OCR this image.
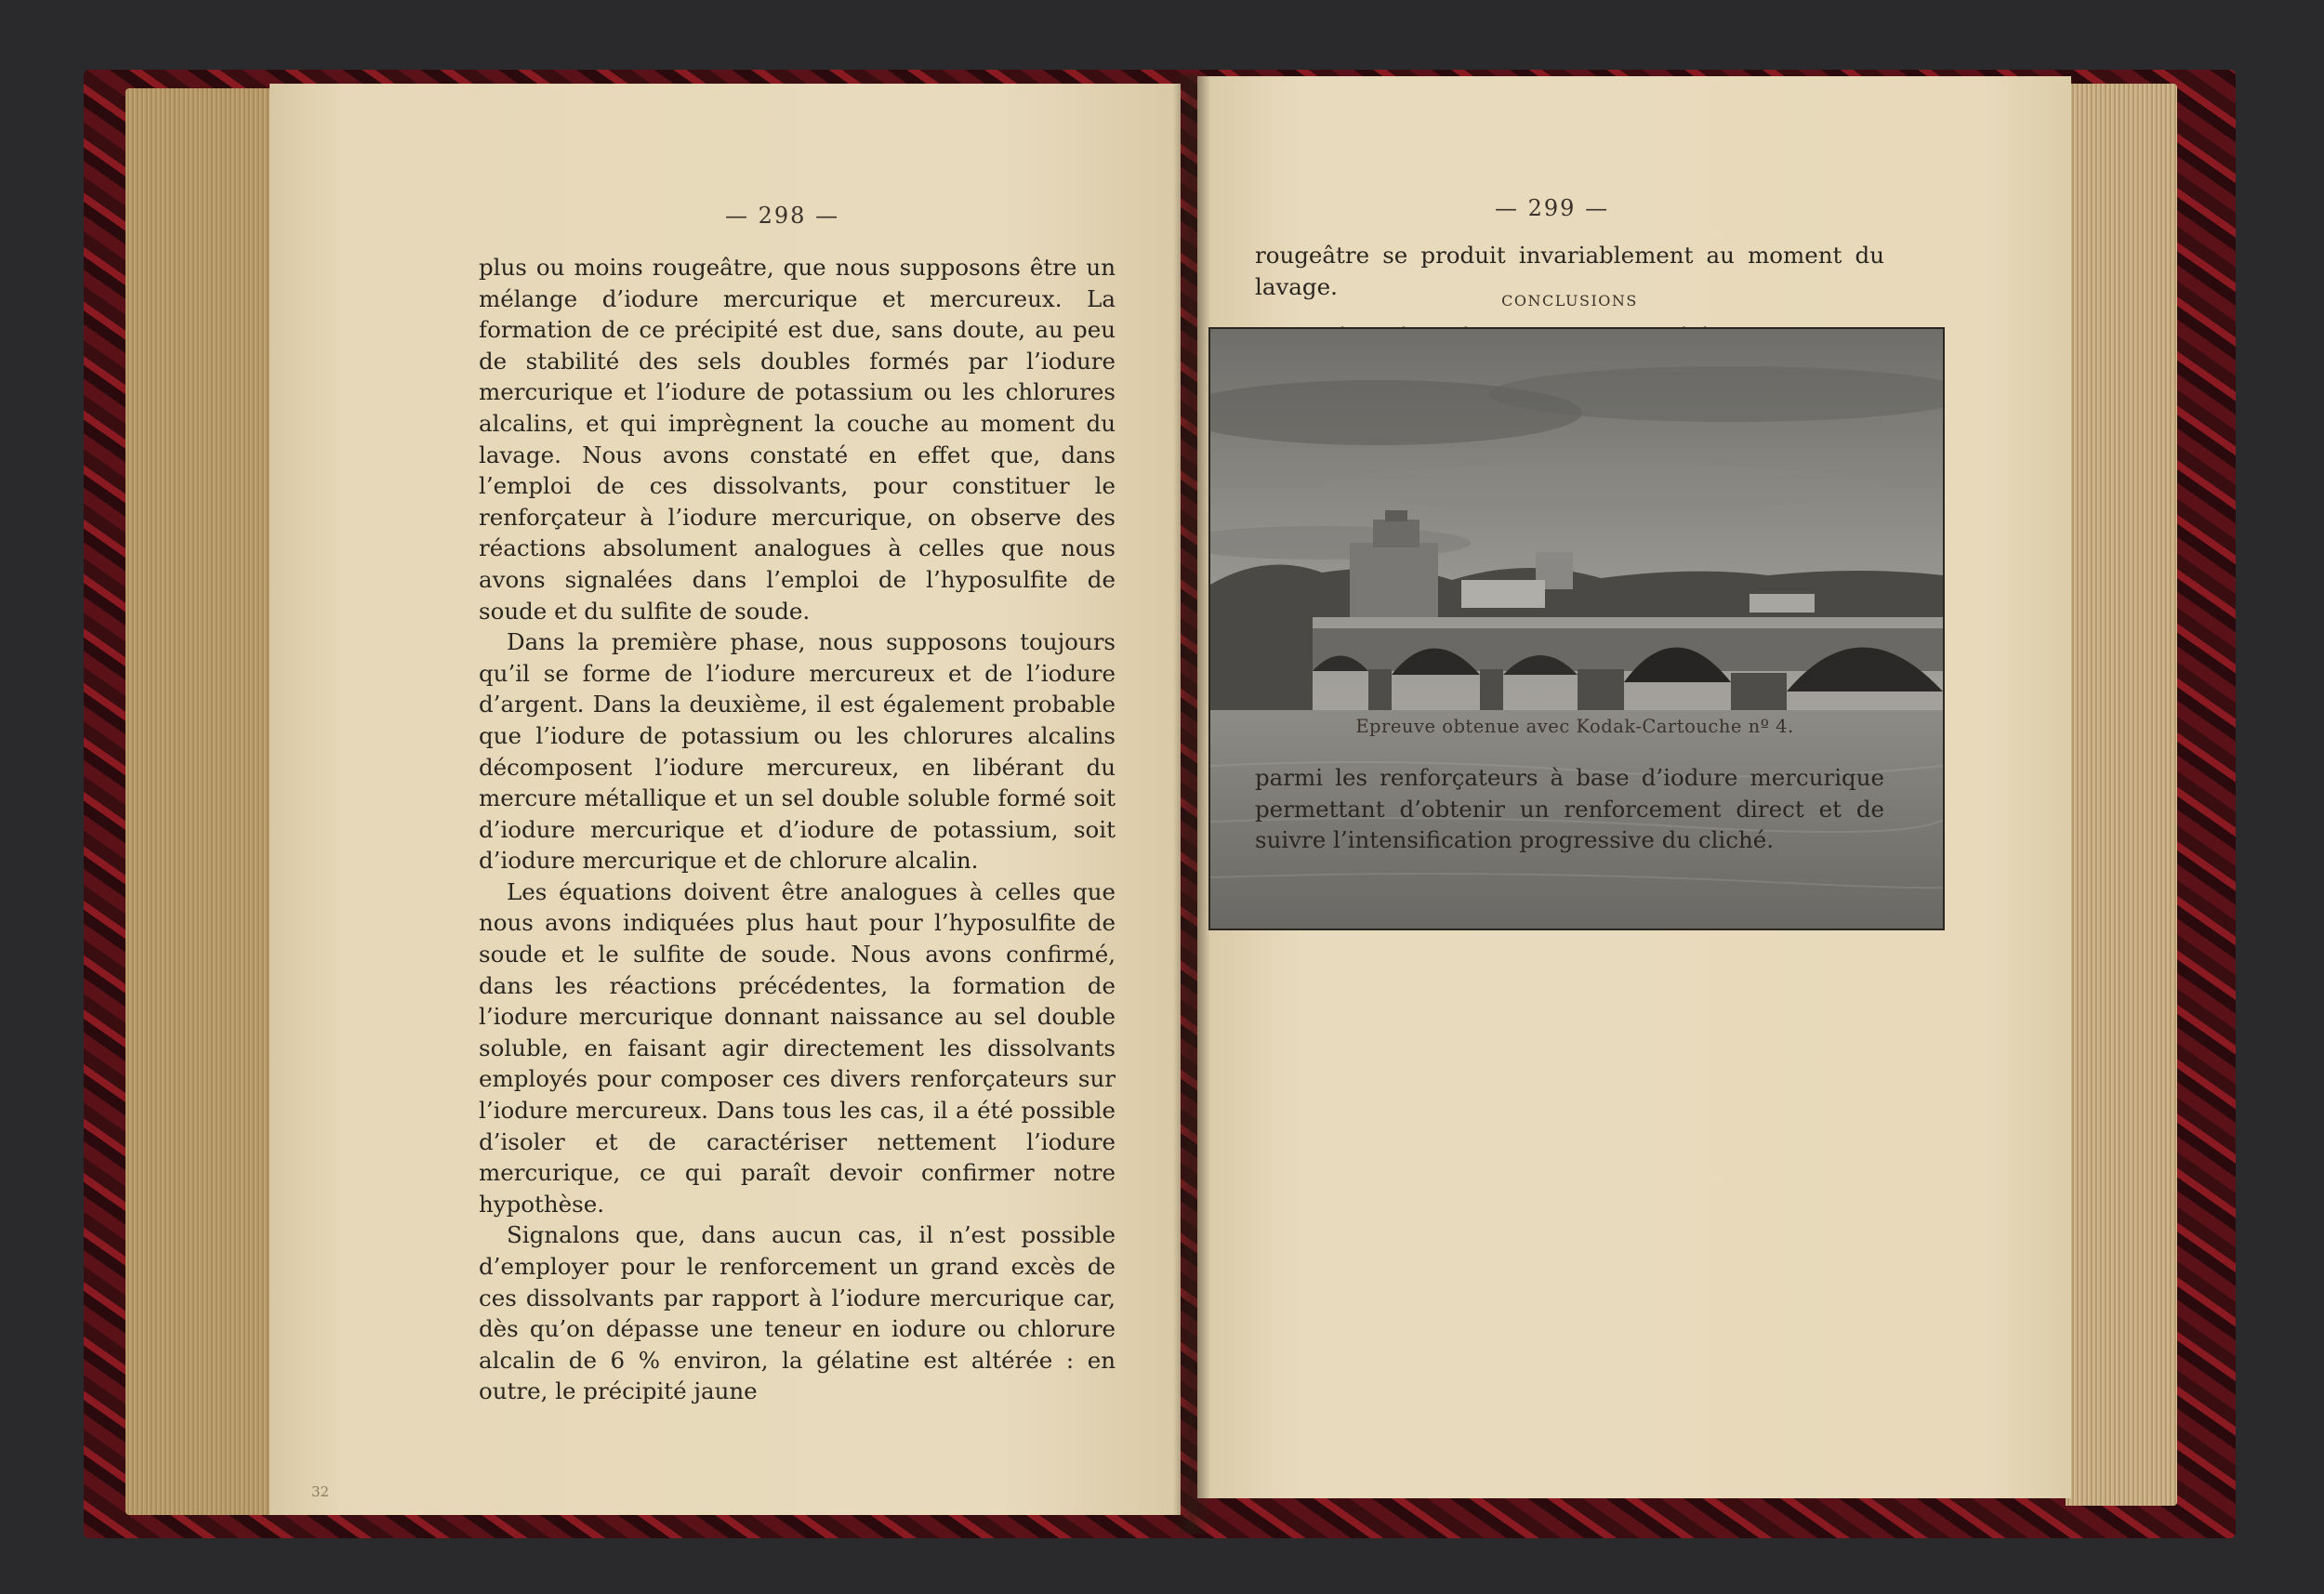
— 298 —

plus ou moins rougeâtre, que nous supposons être un mélange d’iodure mercurique et mercureux. La formation de ce précipité est due, sans doute, au peu de stabilité des sels doubles formés par l’iodure mercurique et l’iodure de potassium ou les chlorures alcalins, et qui imprègnent la couche au moment du lavage. Nous avons constaté en effet que, dans l’emploi de ces dissolvants, pour constituer le renforçateur à l’iodure mercurique, on observe des réactions absolument analogues à celles que nous avons signalées dans l’emploi de l’hyposulfite de soude et du sulfite de soude.

Dans la première phase, nous supposons toujours qu’il se forme de l’iodure mercureux et de l’iodure d’argent. Dans la deuxième, il est également probable que l’iodure de potassium ou les chlorures alcalins décomposent l’iodure mercureux, en libérant du mercure métallique et un sel double soluble formé soit d’iodure mercurique et d’iodure de potassium, soit d’iodure mercurique et de chlorure alcalin.

Les équations doivent être analogues à celles que nous avons indiquées plus haut pour l’hyposulfite de soude et le sulfite de soude. Nous avons confirmé, dans les réactions précédentes, la formation de l’iodure mercurique donnant naissance au sel double soluble, en faisant agir directement les dissolvants employés pour composer ces divers renforçateurs sur l’iodure mercureux. Dans tous les cas, il a été possible d’isoler et de caractériser nettement l’iodure mercurique, ce qui paraît devoir confirmer notre hypothèse.

Signalons que, dans aucun cas, il n’est possible d’employer pour le renforcement un grand excès de ces dissolvants par rapport à l’iodure mercurique car, dès qu’on dépasse une teneur en iodure ou chlorure alcalin de 6 % environ, la gélatine est altérée : en outre, le précipité jaune

32
— 299 —

rougeâtre se produit invariablement au moment du lavage.

CONCLUSIONS

Epreuve obtenue avec Kodak-Cartouche nº 4.

parmi les renforçateurs à base d’iodure mercurique permettant d’obtenir un renforcement direct et de suivre l’intensification progressive du cliché.
